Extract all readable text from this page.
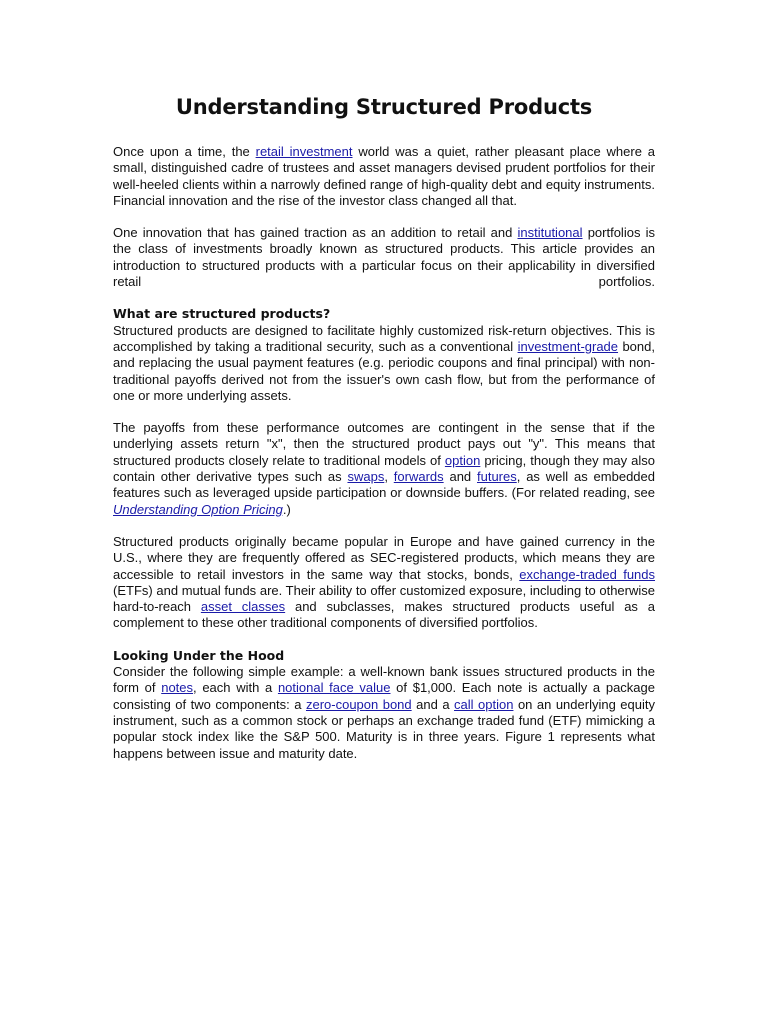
Understanding Structured Products

Once upon a time, the retail investment world was a quiet, rather pleasant place where a small, distinguished cadre of trustees and asset managers devised prudent portfolios for their well-heeled clients within a narrowly defined range of high-quality debt and equity instruments. Financial innovation and the rise of the investor class changed all that.

One innovation that has gained traction as an addition to retail and institutional portfolios is the class of investments broadly known as structured products. This article provides an introduction to structured products with a particular focus on their applicability in diversified retail portfolios.

What are structured products?

Structured products are designed to facilitate highly customized risk-return objectives. This is accomplished by taking a traditional security, such as a conventional investment-grade bond, and replacing the usual payment features (e.g. periodic coupons and final principal) with non-traditional payoffs derived not from the issuer's own cash flow, but from the performance of one or more underlying assets.

The payoffs from these performance outcomes are contingent in the sense that if the underlying assets return "x", then the structured product pays out "y". This means that structured products closely relate to traditional models of option pricing, though they may also contain other derivative types such as swaps, forwards and futures, as well as embedded features such as leveraged upside participation or downside buffers. (For related reading, see Understanding Option Pricing.)

Structured products originally became popular in Europe and have gained currency in the U.S., where they are frequently offered as SEC-registered products, which means they are accessible to retail investors in the same way that stocks, bonds, exchange-traded funds (ETFs) and mutual funds are. Their ability to offer customized exposure, including to otherwise hard-to-reach asset classes and subclasses, makes structured products useful as a complement to these other traditional components of diversified portfolios.

Looking Under the Hood

Consider the following simple example: a well-known bank issues structured products in the form of notes, each with a notional face value of $1,000. Each note is actually a package consisting of two components: a zero-coupon bond and a call option on an underlying equity instrument, such as a common stock or perhaps an exchange traded fund (ETF) mimicking a popular stock index like the S&P 500. Maturity is in three years. Figure 1 represents what happens between issue and maturity date.
